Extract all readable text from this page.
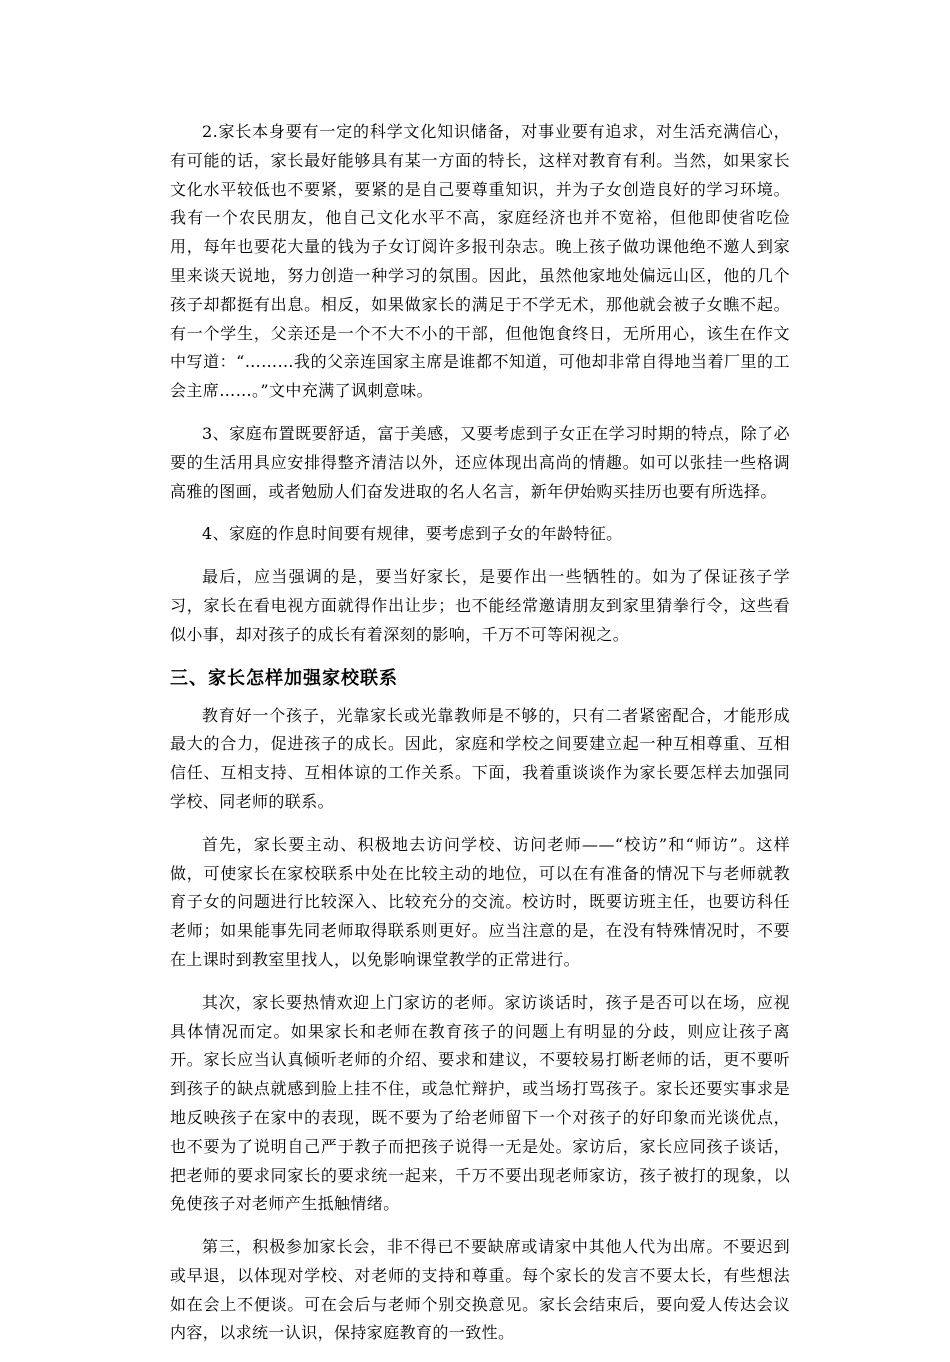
2.家长本身要有一定的科学文化知识储备，对事业要有追求，对生活充满信心，有可能的话，家长最好能够具有某一方面的特长，这样对教育有利。当然，如果家长文化水平较低也不要紧，要紧的是自己要尊重知识，并为子女创造良好的学习环境。我有一个农民朋友，他自己文化水平不高，家庭经济也并不宽裕，但他即使省吃俭用，每年也要花大量的钱为子女订阅许多报刊杂志。晚上孩子做功课他绝不邀人到家里来谈天说地，努力创造一种学习的氛围。因此，虽然他家地处偏远山区，他的几个孩子却都挺有出息。相反，如果做家长的满足于不学无术，那他就会被子女瞧不起。有一个学生，父亲还是一个不大不小的干部，但他饱食终日，无所用心，该生在作文中写道：“………我的父亲连国家主席是谁都不知道，可他却非常自得地当着厂里的工会主席……。”文中充满了讽刺意味。

3、家庭布置既要舒适，富于美感，又要考虑到子女正在学习时期的特点，除了必要的生活用具应安排得整齐清洁以外，还应体现出高尚的情趣。如可以张挂一些格调高雅的图画，或者勉励人们奋发进取的名人名言，新年伊始购买挂历也要有所选择。

4、家庭的作息时间要有规律，要考虑到子女的年龄特征。

最后，应当强调的是，要当好家长，是要作出一些牺牲的。如为了保证孩子学习，家长在看电视方面就得作出让步；也不能经常邀请朋友到家里猜拳行令，这些看似小事，却对孩子的成长有着深刻的影响，千万不可等闲视之。

三、家长怎样加强家校联系

教育好一个孩子，光靠家长或光靠教师是不够的，只有二者紧密配合，才能形成最大的合力，促进孩子的成长。因此，家庭和学校之间要建立起一种互相尊重、互相信任、互相支持、互相体谅的工作关系。下面，我着重谈谈作为家长要怎样去加强同学校、同老师的联系。

首先，家长要主动、积极地去访问学校、访问老师——“校访”和“师访”。这样做，可使家长在家校联系中处在比较主动的地位，可以在有准备的情况下与老师就教育子女的问题进行比较深入、比较充分的交流。校访时，既要访班主任，也要访科任老师；如果能事先同老师取得联系则更好。应当注意的是，在没有特殊情况时，不要在上课时到教室里找人，以免影响课堂教学的正常进行。

其次，家长要热情欢迎上门家访的老师。家访谈话时，孩子是否可以在场，应视具体情况而定。如果家长和老师在教育孩子的问题上有明显的分歧，则应让孩子离开。家长应当认真倾听老师的介绍、要求和建议，不要较易打断老师的话，更不要听到孩子的缺点就感到脸上挂不住，或急忙辩护，或当场打骂孩子。家长还要实事求是地反映孩子在家中的表现，既不要为了给老师留下一个对孩子的好印象而光谈优点，也不要为了说明自己严于教子而把孩子说得一无是处。家访后，家长应同孩子谈话，把老师的要求同家长的要求统一起来，千万不要出现老师家访，孩子被打的现象，以免使孩子对老师产生抵触情绪。

第三，积极参加家长会，非不得已不要缺席或请家中其他人代为出席。不要迟到或早退，以体现对学校、对老师的支持和尊重。每个家长的发言不要太长，有些想法如在会上不便谈。可在会后与老师个别交换意见。家长会结束后，要向爱人传达会议内容，以求统一认识，保持家庭教育的一致性。
